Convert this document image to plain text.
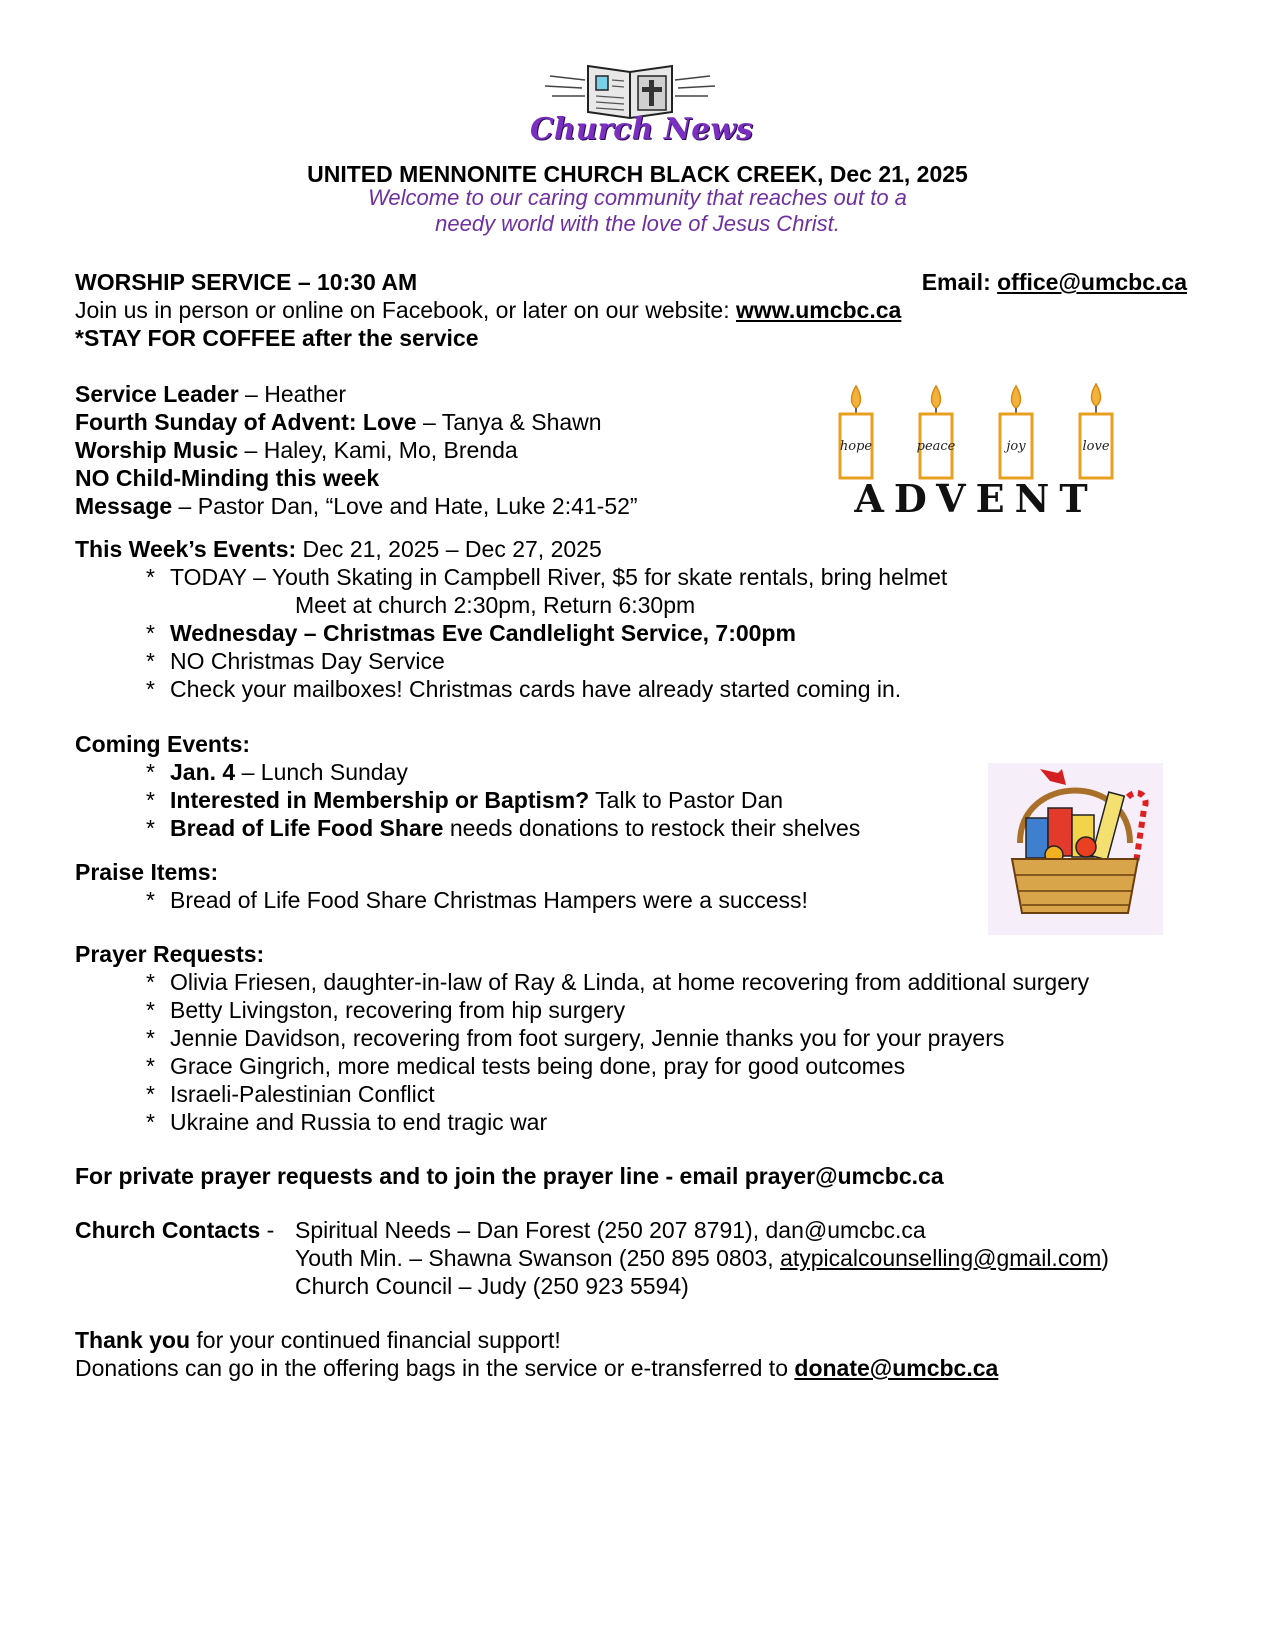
Church News
UNITED MENNONITE CHURCH BLACK CREEK, Dec 21, 2025
Welcome to our caring community that reaches out to a
needy world with the love of Jesus Christ.
WORSHIP SERVICE – 10:30 AM	Email: office@umcbc.ca
Join us in person or online on Facebook, or later on our website: www.umcbc.ca
*STAY FOR COFFEE after the service
Service Leader – Heather
Fourth Sunday of Advent: Love – Tanya & Shawn
Worship Music – Haley, Kami, Mo, Brenda
NO Child-Minding this week
Message – Pastor Dan, “Love and Hate, Luke 2:41-52”
hope	peace	joy	love
ADVENT
This Week’s Events: Dec 21, 2025 – Dec 27, 2025
* TODAY – Youth Skating in Campbell River, $5 for skate rentals, bring helmet
Meet at church 2:30pm, Return 6:30pm
* Wednesday – Christmas Eve Candlelight Service, 7:00pm
* NO Christmas Day Service
* Check your mailboxes! Christmas cards have already started coming in.
Coming Events:
* Jan. 4 – Lunch Sunday
* Interested in Membership or Baptism? Talk to Pastor Dan
* Bread of Life Food Share needs donations to restock their shelves
Praise Items:
* Bread of Life Food Share Christmas Hampers were a success!
Prayer Requests:
* Olivia Friesen, daughter-in-law of Ray & Linda, at home recovering from additional surgery
* Betty Livingston, recovering from hip surgery
* Jennie Davidson, recovering from foot surgery, Jennie thanks you for your prayers
* Grace Gingrich, more medical tests being done, pray for good outcomes
* Israeli-Palestinian Conflict
* Ukraine and Russia to end tragic war
For private prayer requests and to join the prayer line - email prayer@umcbc.ca
Church Contacts - Spiritual Needs – Dan Forest (250 207 8791), dan@umcbc.ca
Youth Min. – Shawna Swanson (250 895 0803, atypicalcounselling@gmail.com)
Church Council – Judy (250 923 5594)
Thank you for your continued financial support!
Donations can go in the offering bags in the service or e-transferred to donate@umcbc.ca
